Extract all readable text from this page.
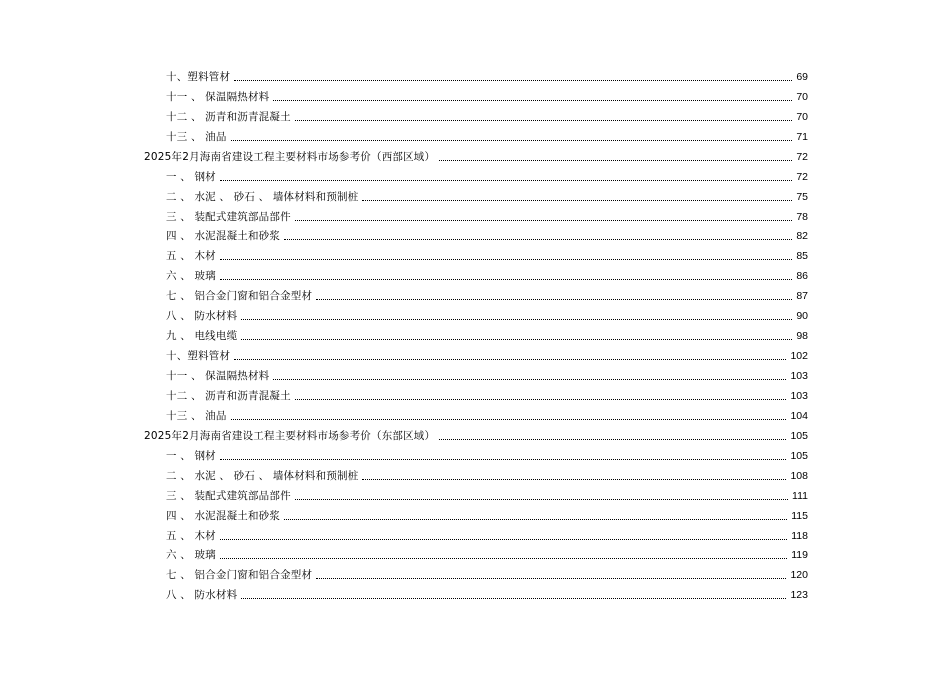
十、塑料管材	69
十一 、 保温隔热材料	70
十二 、 沥青和沥青混凝土	70
十三 、 油品	71
2025年2月海南省建设工程主要材料市场参考价（西部区域）	72
一 、 钢材	72
二 、 水泥 、 砂石 、 墙体材料和预制桩	75
三 、 装配式建筑部品部件	78
四 、 水泥混凝土和砂浆	82
五 、 木材	85
六 、 玻璃	86
七 、 铝合金门窗和铝合金型材	87
八 、 防水材料	90
九 、 电线电缆	98
十、塑料管材	102
十一 、 保温隔热材料	103
十二 、 沥青和沥青混凝土	103
十三 、 油品	104
2025年2月海南省建设工程主要材料市场参考价（东部区域）	105
一 、 钢材	105
二 、 水泥 、 砂石 、 墙体材料和预制桩	108
三 、 装配式建筑部品部件	111
四 、 水泥混凝土和砂浆	115
五 、 木材	118
六 、 玻璃	119
七 、 铝合金门窗和铝合金型材	120
八 、 防水材料	123
